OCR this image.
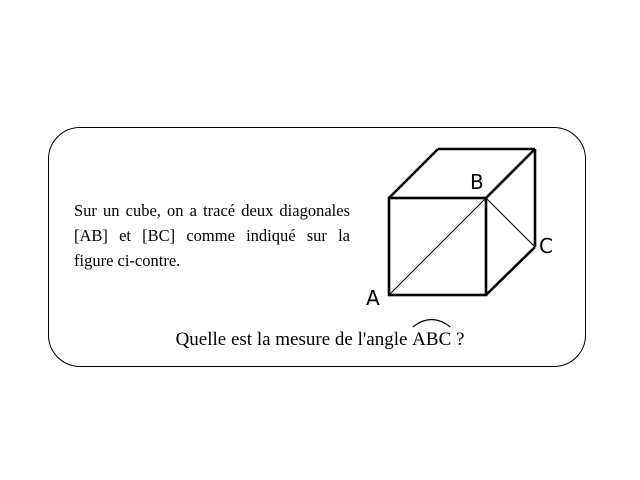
Sur un cube, on a tracé deux diagonales [AB] et [BC] comme indiqué sur la figure ci-contre.

A
B
C
Quelle est la mesure de l'angle ABC ?
